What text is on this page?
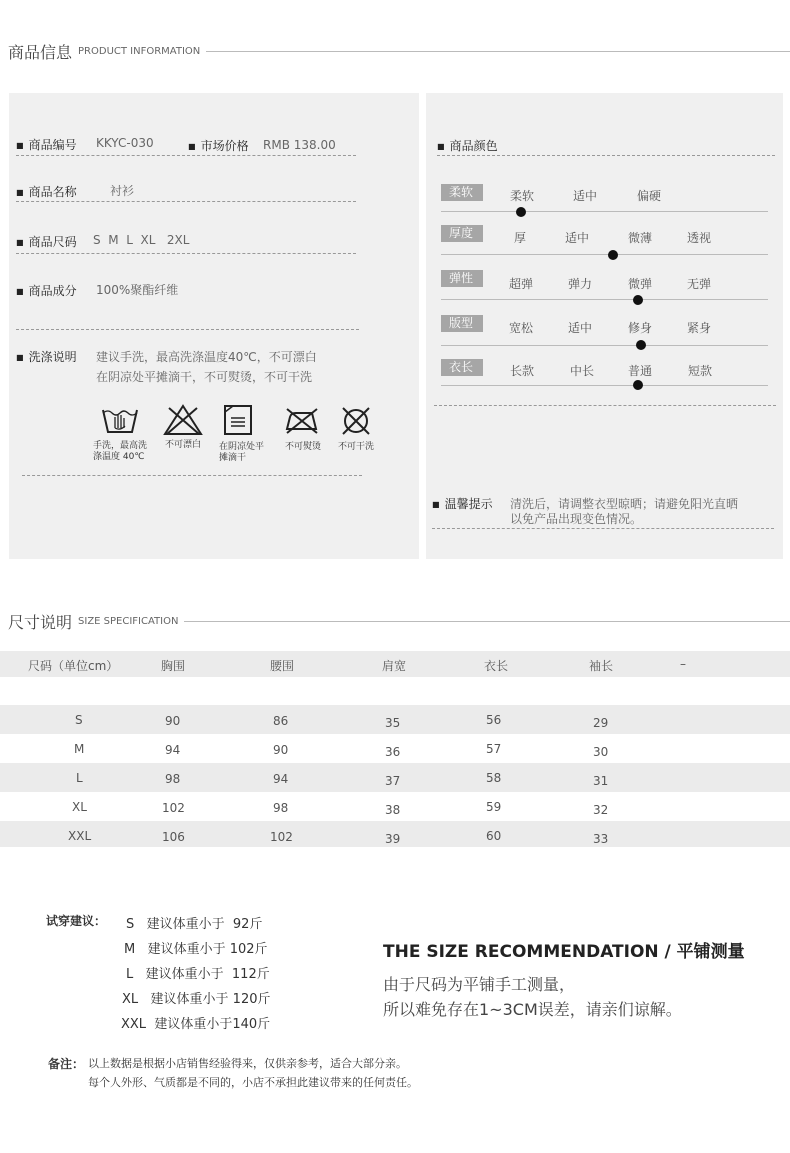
商品信息 PRODUCT INFORMATION
■ 商品编号 KKYC-030
■	市场价格 RMB 138.00
■ 商品名称	衬衫
■ 商品尺码 S  M  L  XL   2XL
■ 商品成分 100%聚酯纤维
■ 洗涤说明 建议手洗，最高洗涤温度40℃，不可漂白
在阴凉处平摊滴干，不可熨烫，不可干洗
手洗，最高洗
涤温度 40℃
不可漂白 在阴凉处平
摊滴干
不可熨烫 不可干洗
■ 商品颜色
柔软	柔软	适中	偏硬
厚度	厚	适中	微薄	透视
弹性	超弹	弹力	微弹	无弹
版型	宽松	适中	修身	紧身
衣长	长款	中长	普通	短款
■ 温馨提示 清洗后，请调整衣型晾晒；请避免阳光直晒
以免产品出现变色情况。
尺寸说明 SIZE SPECIFICATION
尺码（单位cm）	胸围	腰围	肩宽	衣长	袖长	–
S	90	86	35	56	29
M	94	90	36	57	30
L	98	94	37	58	31
XL	102	98	38	59	32
XXL	106	102	39	60	33
试穿建议： S   建议体重小于  92斤
M   建议体重小于 102斤
L   建议体重小于  112斤
XL   建议体重小于 120斤
XXL  建议体重小于140斤
THE SIZE RECOMMENDATION / 平铺测量
由于尺码为平铺手工测量，
所以难免存在1~3CM误差，请亲们谅解。
备注： 以上数据是根据小店销售经验得来，仅供亲参考，适合大部分亲。
每个人外形、气质都是不同的，小店不承担此建议带来的任何责任。
